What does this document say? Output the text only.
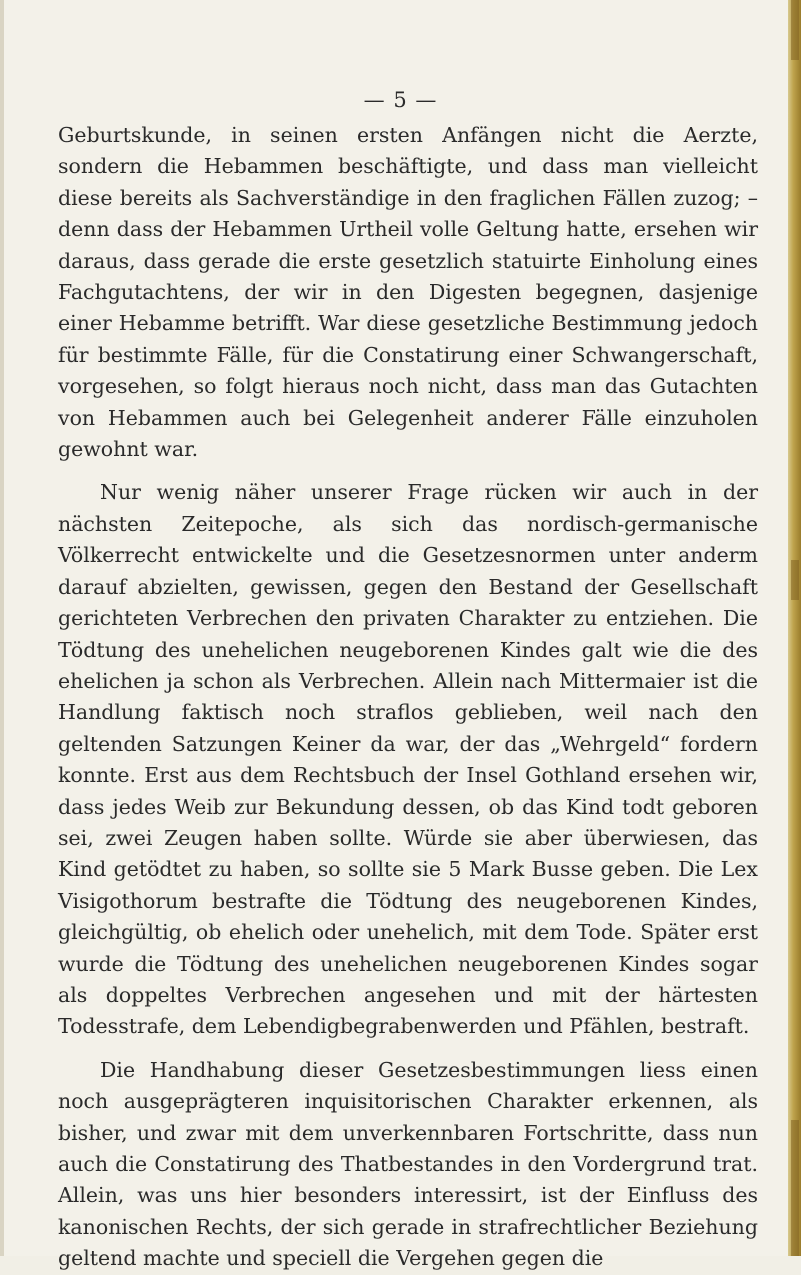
— 5 —

Geburtskunde, in seinen ersten Anfängen nicht die Aerzte, sondern die Hebammen beschäftigte, und dass man vielleicht diese bereits als Sachverständige in den fraglichen Fällen zuzog; – denn dass der Hebammen Urtheil volle Geltung hatte, ersehen wir daraus, dass gerade die erste gesetzlich statuirte Einholung eines Fachgutachtens, der wir in den Digesten begegnen, dasjenige einer Hebamme betrifft. War diese gesetzliche Bestimmung jedoch für bestimmte Fälle, für die Constatirung einer Schwangerschaft, vorgesehen, so folgt hieraus noch nicht, dass man das Gutachten von Hebammen auch bei Gelegenheit anderer Fälle einzuholen gewohnt war.

Nur wenig näher unserer Frage rücken wir auch in der nächsten Zeitepoche, als sich das nordisch-germanische Völkerrecht entwickelte und die Gesetzesnormen unter anderm darauf abzielten, gewissen, gegen den Bestand der Gesellschaft gerichteten Verbrechen den privaten Charakter zu entziehen. Die Tödtung des unehelichen neugeborenen Kindes galt wie die des ehelichen ja schon als Verbrechen. Allein nach Mittermaier ist die Handlung faktisch noch straflos geblieben, weil nach den geltenden Satzungen Keiner da war, der das „Wehrgeld“ fordern konnte. Erst aus dem Rechtsbuch der Insel Gothland ersehen wir, dass jedes Weib zur Bekundung dessen, ob das Kind todt geboren sei, zwei Zeugen haben sollte. Würde sie aber überwiesen, das Kind getödtet zu haben, so sollte sie 5 Mark Busse geben. Die Lex Visigothorum bestrafte die Tödtung des neugeborenen Kindes, gleichgültig, ob ehelich oder unehelich, mit dem Tode. Später erst wurde die Tödtung des unehelichen neugeborenen Kindes sogar als doppeltes Verbrechen angesehen und mit der härtesten Todesstrafe, dem Lebendigbegrabenwerden und Pfählen, bestraft.

Die Handhabung dieser Gesetzesbestimmungen liess einen noch ausgeprägteren inquisitorischen Charakter erkennen, als bisher, und zwar mit dem unverkennbaren Fortschritte, dass nun auch die Constatirung des Thatbestandes in den Vordergrund trat. Allein, was uns hier besonders interessirt, ist der Einfluss des kanonischen Rechts, der sich gerade in strafrechtlicher Beziehung geltend machte und speciell die Vergehen gegen die
